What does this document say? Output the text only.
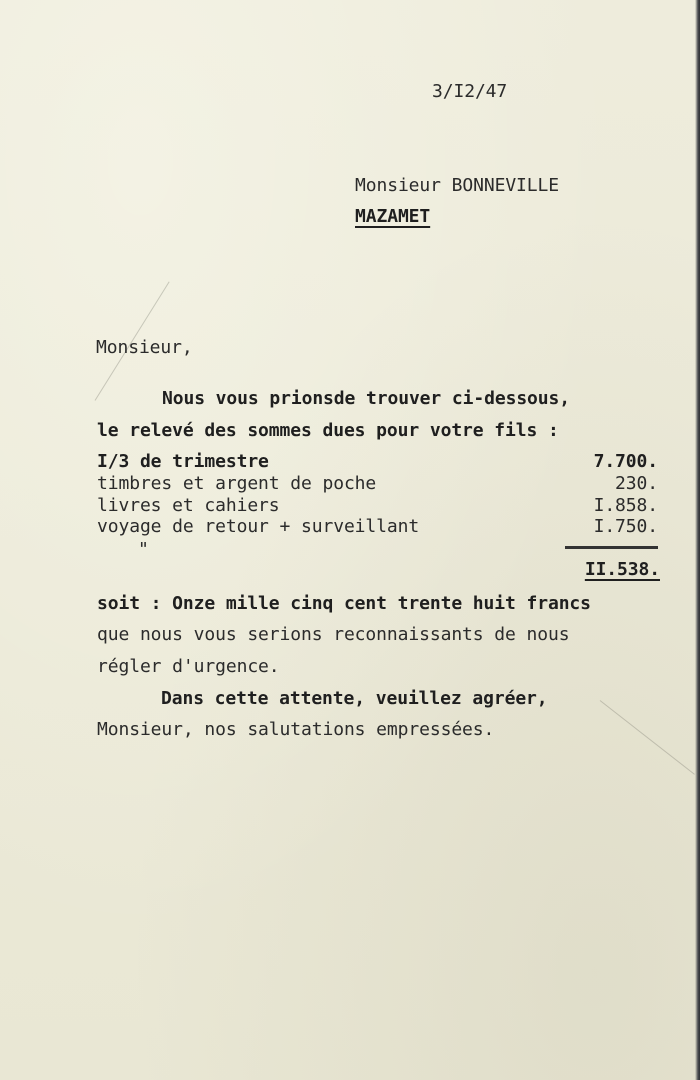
3/I2/47

Monsieur BONNEVILLE

MAZAMET

Monsieur,

Nous vous prionsde trouver ci-dessous,

le relevé des sommes dues pour votre fils :

I/3 de trimestre	7.700.

timbres et argent de poche	230.

livres et cahiers	I.858.

voyage de retour + surveillant	I.750.

"

II.538.

soit : Onze mille cinq cent trente huit francs

que nous vous serions reconnaissants de nous

régler d'urgence.

Dans cette attente, veuillez agréer,

Monsieur, nos salutations empressées.
